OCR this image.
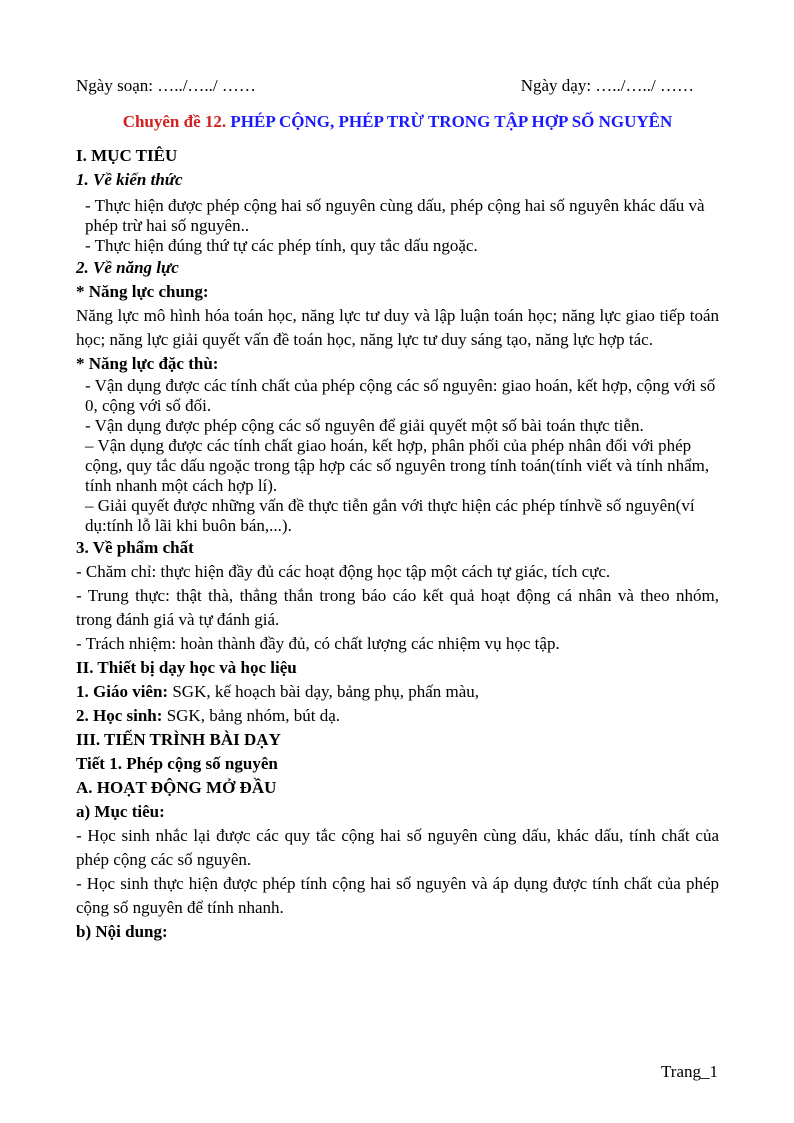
Ngày soạn: …../…../ ……	Ngày dạy: …../…../ ……
Chuyên đề 12. PHÉP CỘNG, PHÉP TRỪ TRONG TẬP HỢP SỐ NGUYÊN
I. MỤC TIÊU
1. Về kiến thức

- Thực hiện được phép cộng hai số nguyên cùng dấu, phép cộng hai số nguyên khác dấu và phép trừ hai số nguyên..

- Thực hiện đúng thứ tự các phép tính, quy tắc dấu ngoặc.

2. Về năng lực
* Năng lực chung:

Năng lực mô hình hóa toán học, năng lực tư duy và lập luận toán học; năng lực giao tiếp toán học; năng lực giải quyết vấn đề toán học, năng lực tư duy sáng tạo, năng lực hợp tác.

* Năng lực đặc thù:

- Vận dụng được các tính chất của phép cộng các số nguyên: giao hoán, kết hợp, cộng với số 0, cộng với số đối.

- Vận dụng được phép cộng các số nguyên để giải quyết một số bài toán thực tiễn.

– Vận dụng được các tính chất giao hoán, kết hợp, phân phối của phép nhân đối với phép cộng, quy tắc dấu ngoặc trong tập hợp các số nguyên trong tính toán(tính viết và tính nhẩm, tính nhanh một cách hợp lí).

– Giải quyết được những vấn đề thực tiễn gắn với thực hiện các phép tínhvề số nguyên(ví dụ:tính lỗ lãi khi buôn bán,...).

3. Về phẩm chất

- Chăm chỉ: thực hiện đầy đủ các hoạt động học tập một cách tự giác, tích cực.

- Trung thực: thật thà, thẳng thắn trong báo cáo kết quả hoạt động cá nhân và theo nhóm, trong đánh giá và tự đánh giá.

- Trách nhiệm: hoàn thành đầy đủ, có chất lượng các nhiệm vụ học tập.

II. Thiết bị dạy học và học liệu

1. Giáo viên: SGK, kế hoạch bài dạy, bảng phụ, phấn màu,

2. Học sinh: SGK, bảng nhóm, bút dạ.

III. TIẾN TRÌNH BÀI DẠY
Tiết 1. Phép cộng số nguyên
A. HOẠT ĐỘNG MỞ ĐẦU
a) Mục tiêu:

- Học sinh nhắc lại được các quy tắc cộng hai số nguyên cùng dấu, khác dấu, tính chất của phép cộng các số nguyên.

- Học sinh thực hiện được phép tính cộng hai số nguyên và áp dụng được tính chất của phép cộng số nguyên để tính nhanh.

b) Nội dung:
Trang_1
